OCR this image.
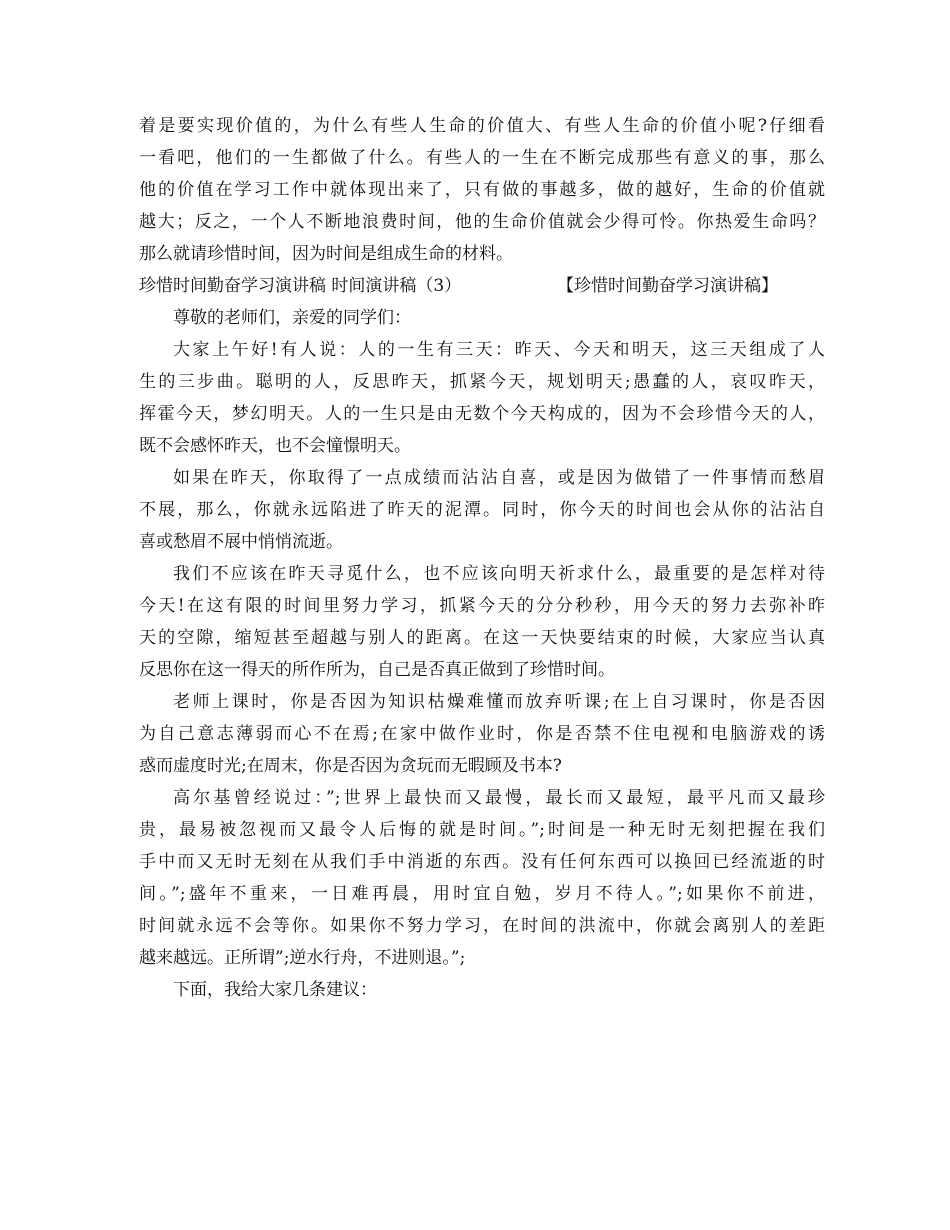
着是要实现价值的，为什么有些人生命的价值大、有些人生命的价值小呢?仔细看
一看吧，他们的一生都做了什么。有些人的一生在不断完成那些有意义的事，那么
他的价值在学习工作中就体现出来了，只有做的事越多，做的越好，生命的价值就
越大；反之，一个人不断地浪费时间，他的生命价值就会少得可怜。你热爱生命吗？
那么就请珍惜时间，因为时间是组成生命的材料。
珍惜时间勤奋学习演讲稿 时间演讲稿（3）	【珍惜时间勤奋学习演讲稿】
尊敬的老师们，亲爱的同学们：
大家上午好!有人说：人的一生有三天：昨天、今天和明天，这三天组成了人
生的三步曲。聪明的人，反思昨天，抓紧今天，规划明天;愚蠢的人，哀叹昨天，
挥霍今天，梦幻明天。人的一生只是由无数个今天构成的，因为不会珍惜今天的人，
既不会感怀昨天，也不会憧憬明天。
如果在昨天，你取得了一点成绩而沾沾自喜，或是因为做错了一件事情而愁眉
不展，那么，你就永远陷进了昨天的泥潭。同时，你今天的时间也会从你的沾沾自
喜或愁眉不展中悄悄流逝。
我们不应该在昨天寻觅什么，也不应该向明天祈求什么，最重要的是怎样对待
今天!在这有限的时间里努力学习，抓紧今天的分分秒秒，用今天的努力去弥补昨
天的空隙，缩短甚至超越与别人的距离。在这一天快要结束的时候，大家应当认真
反思你在这一得天的所作所为，自己是否真正做到了珍惜时间。
老师上课时，你是否因为知识枯燥难懂而放弃听课;在上自习课时，你是否因
为自己意志薄弱而心不在焉;在家中做作业时，你是否禁不住电视和电脑游戏的诱
惑而虚度时光;在周末，你是否因为贪玩而无暇顾及书本?
高尔基曾经说过：”;世界上最快而又最慢，最长而又最短，最平凡而又最珍
贵，最易被忽视而又最令人后悔的就是时间。”;时间是一种无时无刻把握在我们
手中而又无时无刻在从我们手中消逝的东西。没有任何东西可以换回已经流逝的时
间。”;盛年不重来，一日难再晨，用时宜自勉，岁月不待人。”;如果你不前进，
时间就永远不会等你。如果你不努力学习，在时间的洪流中，你就会离别人的差距
越来越远。正所谓”;逆水行舟，不进则退。”;
下面，我给大家几条建议：
